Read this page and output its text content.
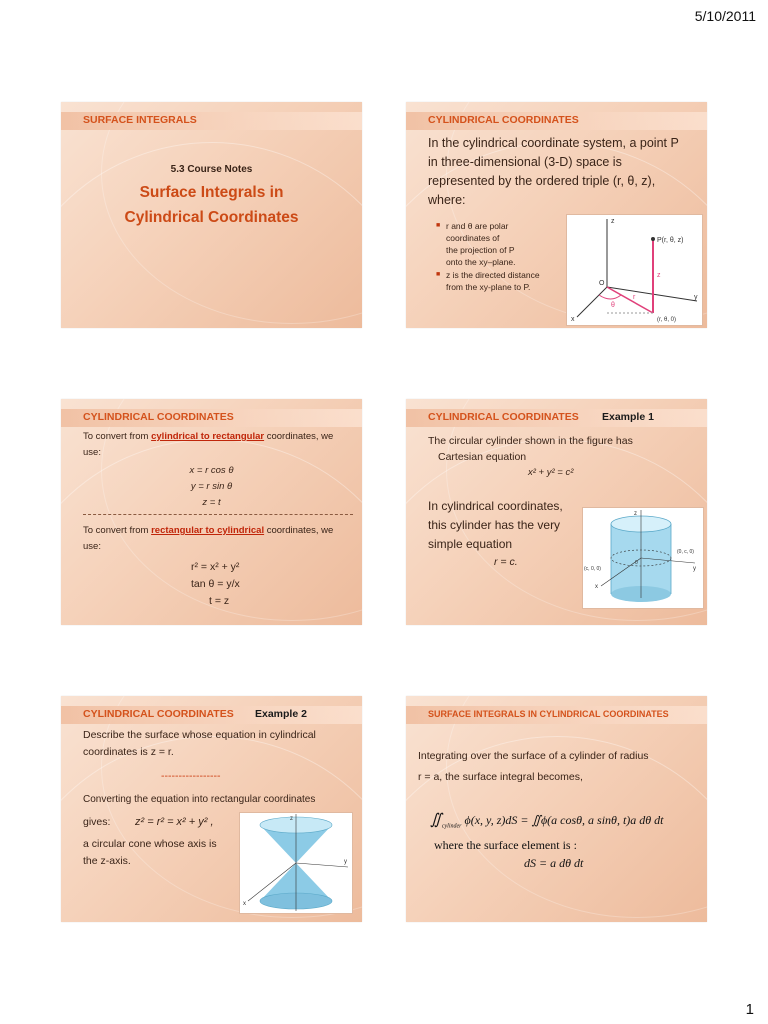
5/10/2011
SURFACE INTEGRALS
5.3 Course Notes
Surface Integrals in
Cylindrical Coordinates
CYLINDRICAL COORDINATES
In the cylindrical coordinate system, a point P
in three-dimensional (3-D) space is
represented by the ordered triple (r, θ, z),
where:
■ r and θ are polar
coordinates of
the projection of P
onto the xy–plane.
■ z is the directed distance
from the xy-plane to P.
z
P(r, θ, z)
O
θ
r
z
(r, θ, 0)
x
y
CYLINDRICAL COORDINATES
To convert from cylindrical to rectangular coordinates, we
use:
x = r cos θ
y = r sin θ
z = t
To convert from rectangular to cylindrical coordinates, we
use:
r² = x² + y²
tan θ = y/x
t = z
CYLINDRICAL COORDINATES Example 1
The circular cylinder shown in the figure has
Cartesian equation
x² + y² = c²
In cylindrical coordinates,
this cylinder has the very
simple equation
r = c.
z
(c, 0, 0)
(0, c, 0)
x
y
0
CYLINDRICAL COORDINATES Example 2
Describe the surface whose equation in cylindrical
coordinates is z = r.
-----------------
Converting the equation into rectangular coordinates
gives: z² = r² = x² + y² ,
a circular cone whose axis is
the z-axis.
z
x
y
SURFACE INTEGRALS IN CYLINDRICAL COORDINATES
Integrating over the surface of a cylinder of radius
r = a, the surface integral becomes,
$∬_{cylinder}$ ϕ(x, y, z)dS = ∬ϕ(a cosθ, a sinθ, t)a dθ dt
where the surface element is :
dS = a dθ dt
1
